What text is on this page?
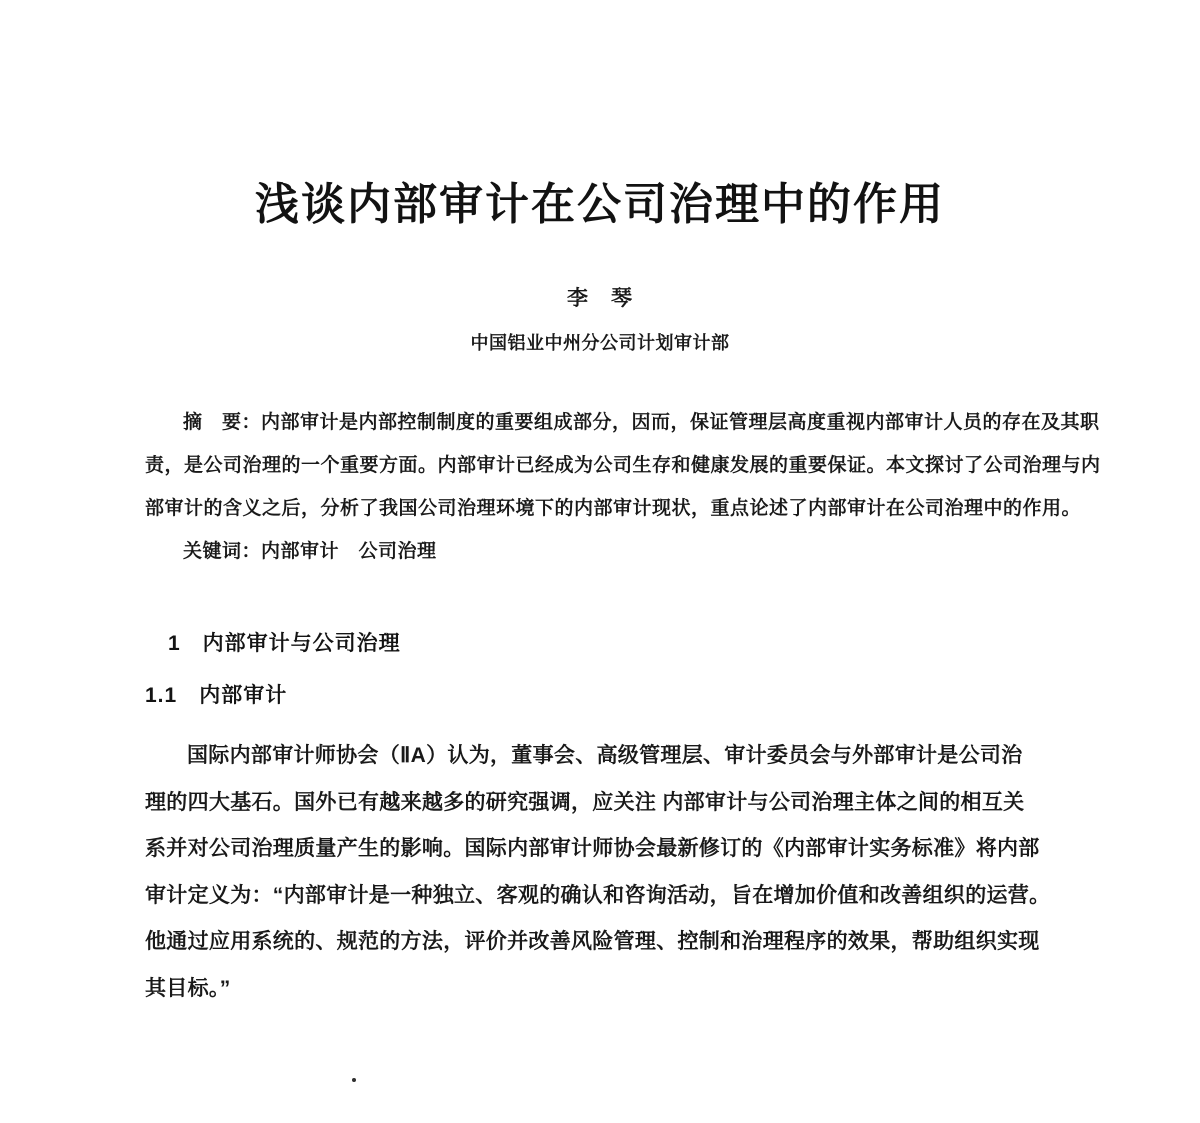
浅谈内部审计在公司治理中的作用
李　琴
中国铝业中州分公司计划审计部
摘　要：内部审计是内部控制制度的重要组成部分，因而，保证管理层高度重视内部审计人员的存在及其职
责，是公司治理的一个重要方面。内部审计已经成为公司生存和健康发展的重要保证。本文探讨了公司治理与内
部审计的含义之后，分析了我国公司治理环境下的内部审计现状，重点论述了内部审计在公司治理中的作用。
关键词：内部审计　公司治理
1　内部审计与公司治理
1.1　内部审计
国际内部审计师协会（ⅡA）认为，董事会、高级管理层、审计委员会与外部审计是公司治
理的四大基石。国外已有越来越多的研究强调，应关注 内部审计与公司治理主体之间的相互关
系并对公司治理质量产生的影响。国际内部审计师协会最新修订的《内部审计实务标准》将内部
审计定义为：“内部审计是一种独立、客观的确认和咨询活动，旨在增加价值和改善组织的运营。
他通过应用系统的、规范的方法，评价并改善风险管理、控制和治理程序的效果，帮助组织实现
其目标。”
